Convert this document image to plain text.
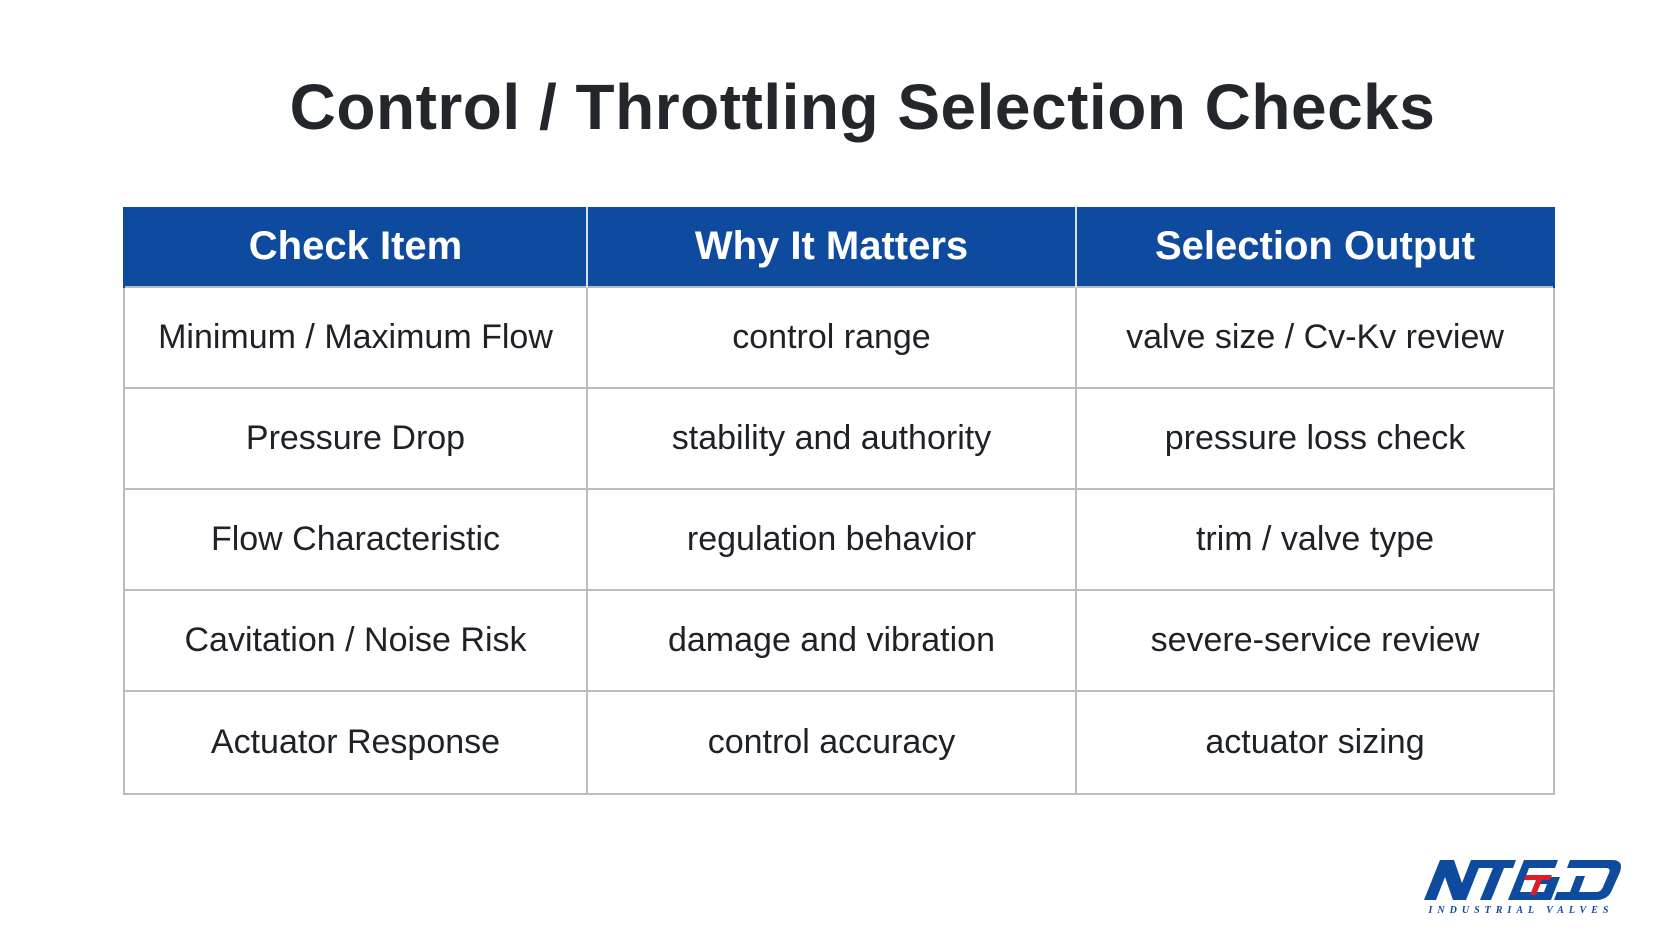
Control / Throttling Selection Checks
Check Item	Why It Matters	Selection Output
Minimum / Maximum Flow	control range	valve size / Cv-Kv review
Pressure Drop	stability and authority	pressure loss check
Flow Characteristic	regulation behavior	trim / valve type
Cavitation / Noise Risk	damage and vibration	severe-service review
Actuator Response	control accuracy	actuator sizing
INDUSTRIAL VALVES
